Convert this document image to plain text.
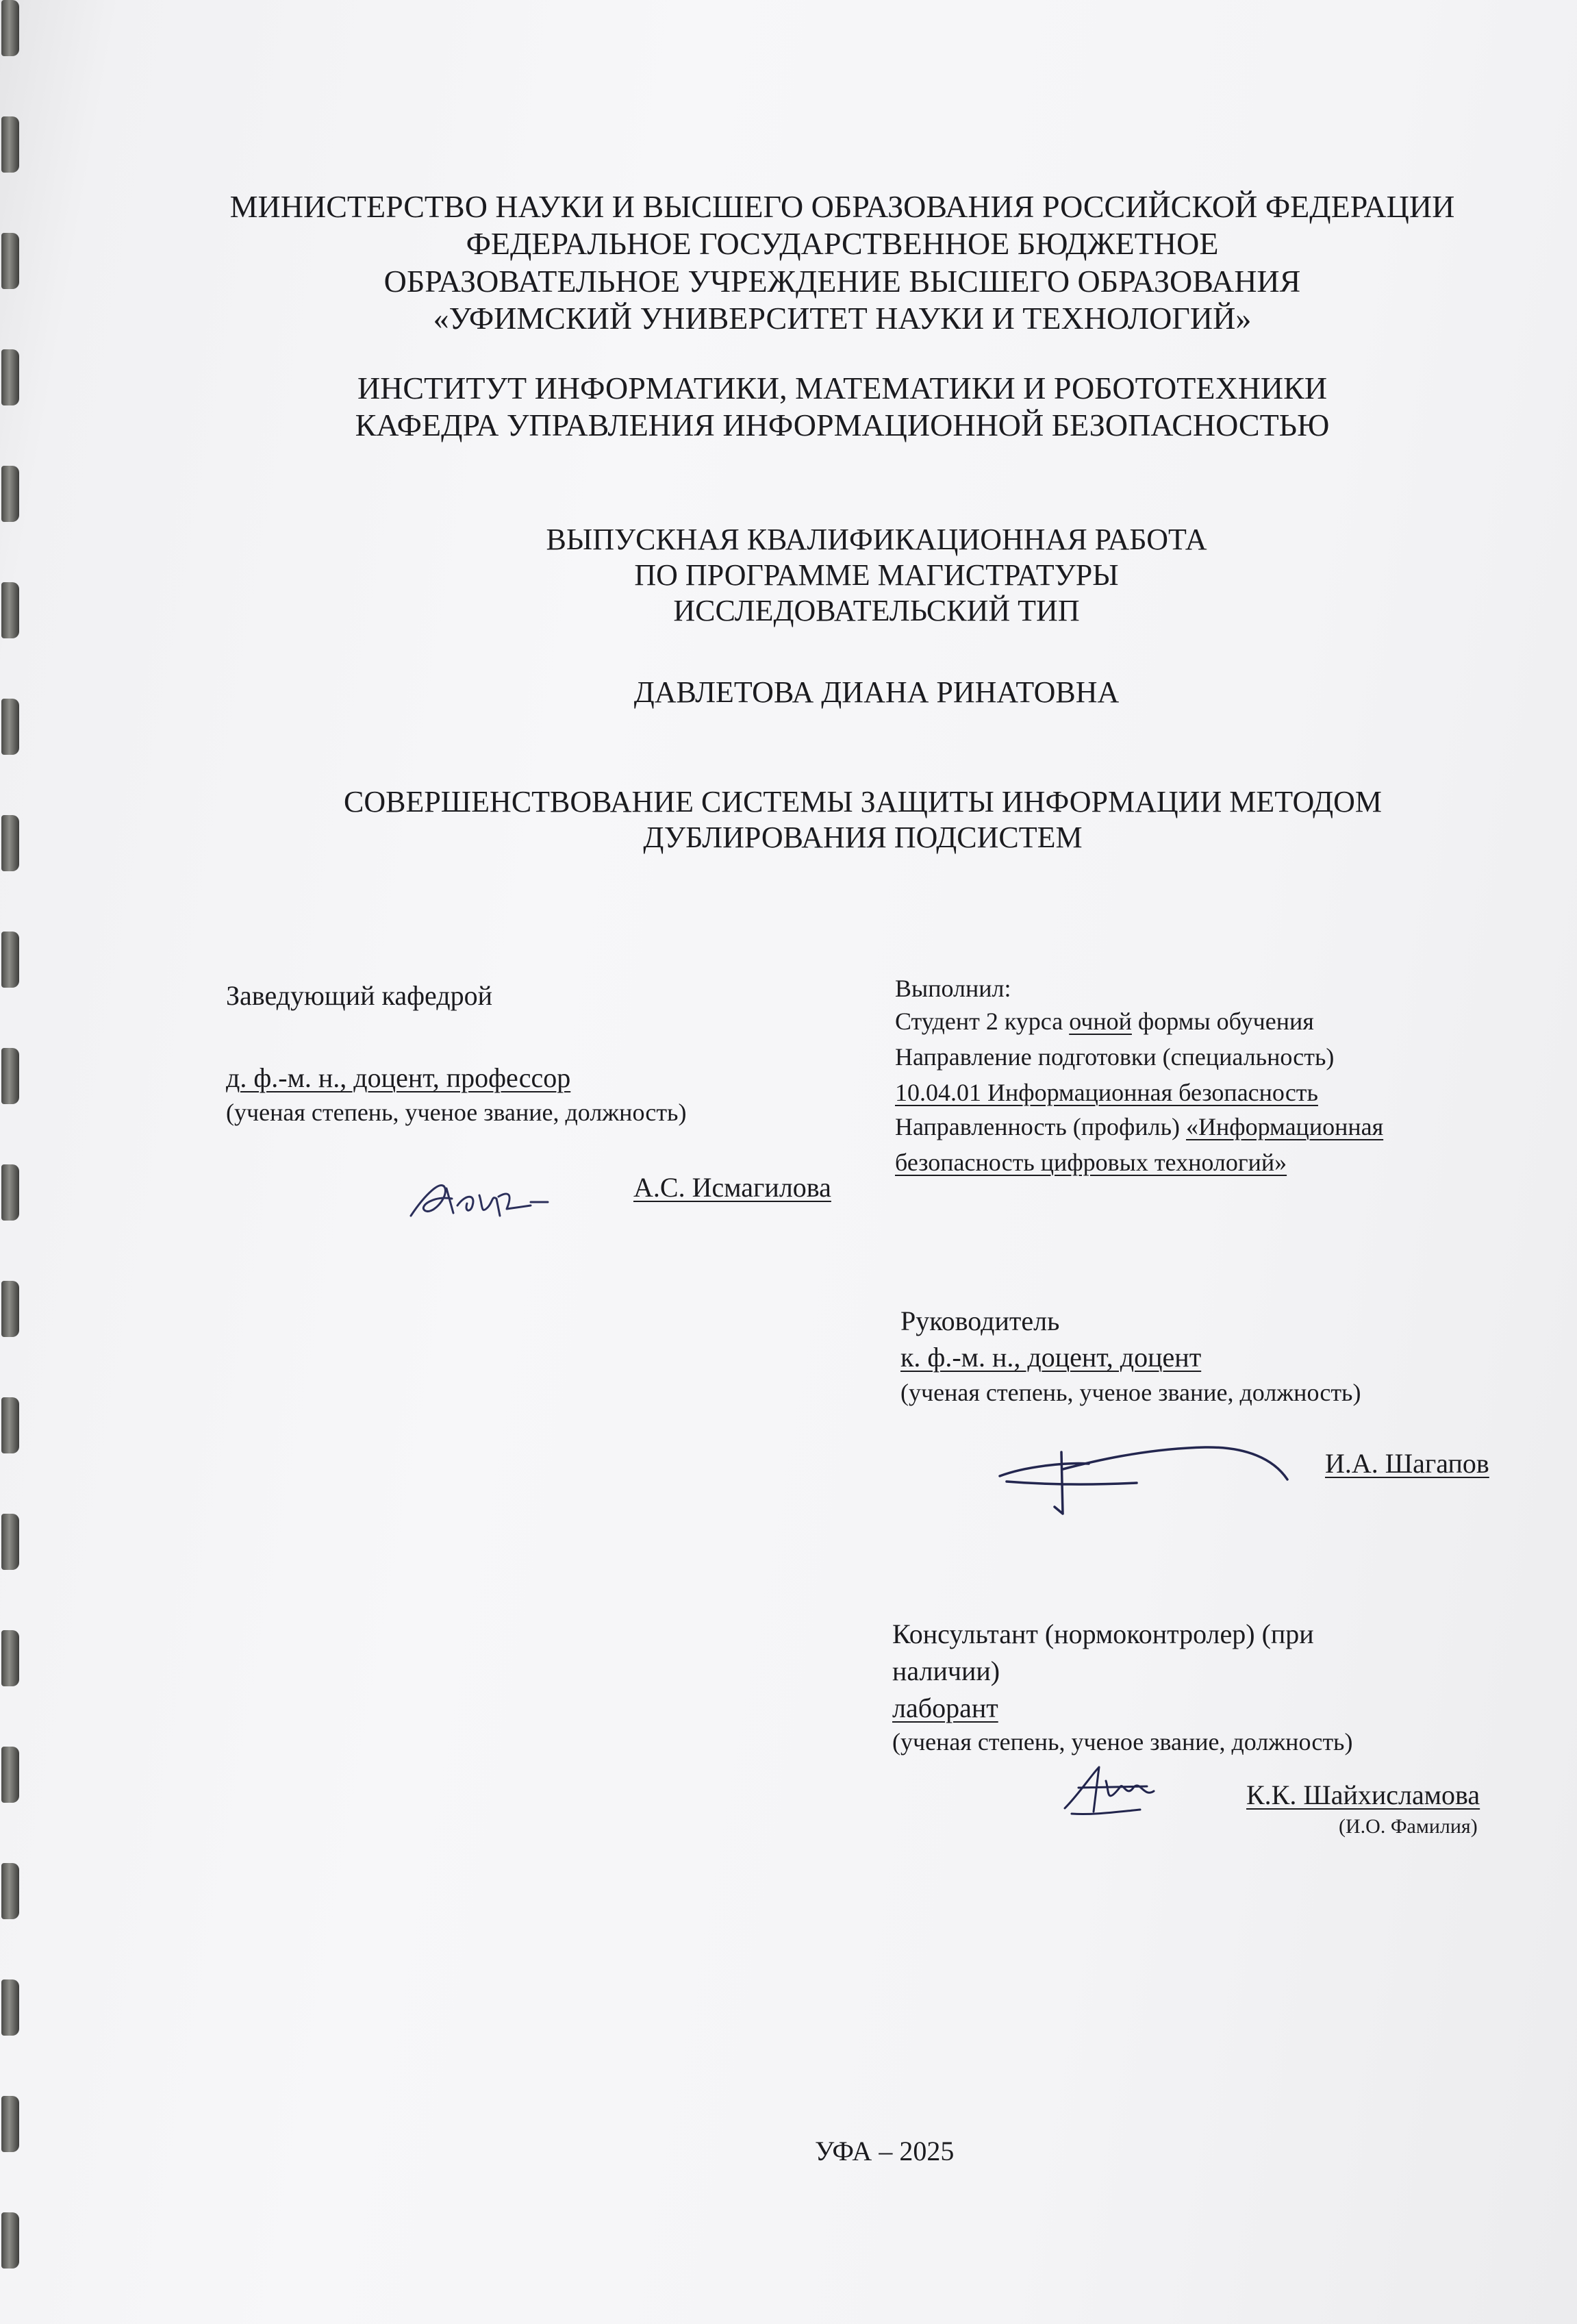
МИНИСТЕРСТВО НАУКИ И ВЫСШЕГО ОБРАЗОВАНИЯ РОССИЙСКОЙ ФЕДЕРАЦИИ
ФЕДЕРАЛЬНОЕ ГОСУДАРСТВЕННОЕ БЮДЖЕТНОЕ
ОБРАЗОВАТЕЛЬНОЕ УЧРЕЖДЕНИЕ ВЫСШЕГО ОБРАЗОВАНИЯ
«УФИМСКИЙ УНИВЕРСИТЕТ НАУКИ И ТЕХНОЛОГИЙ»
ИНСТИТУТ ИНФОРМАТИКИ, МАТЕМАТИКИ И РОБОТОТЕХНИКИ
КАФЕДРА УПРАВЛЕНИЯ ИНФОРМАЦИОННОЙ БЕЗОПАСНОСТЬЮ
ВЫПУСКНАЯ КВАЛИФИКАЦИОННАЯ РАБОТА
ПО ПРОГРАММЕ МАГИСТРАТУРЫ
ИССЛЕДОВАТЕЛЬСКИЙ ТИП
ДАВЛЕТОВА ДИАНА РИНАТОВНА
СОВЕРШЕНСТВОВАНИЕ СИСТЕМЫ ЗАЩИТЫ ИНФОРМАЦИИ МЕТОДОМ
ДУБЛИРОВАНИЯ ПОДСИСТЕМ
Заведующий кафедрой
д. ф.-м. н., доцент, профессор
(ученая степень, ученое звание, должность)
А.С. Исмагилова
Выполнил:
Студент 2 курса очной формы обучения
Направление подготовки (специальность)
10.04.01 Информационная безопасность
Направленность (профиль) «Информационная
безопасность цифровых технологий»
Руководитель
к. ф.-м. н., доцент, доцент
(ученая степень, ученое звание, должность)
И.А. Шагапов
Консультант (нормоконтролер) (при
наличии)
лаборант
(ученая степень, ученое звание, должность)
К.К. Шайхисламова
(И.О. Фамилия)
УФА – 2025
